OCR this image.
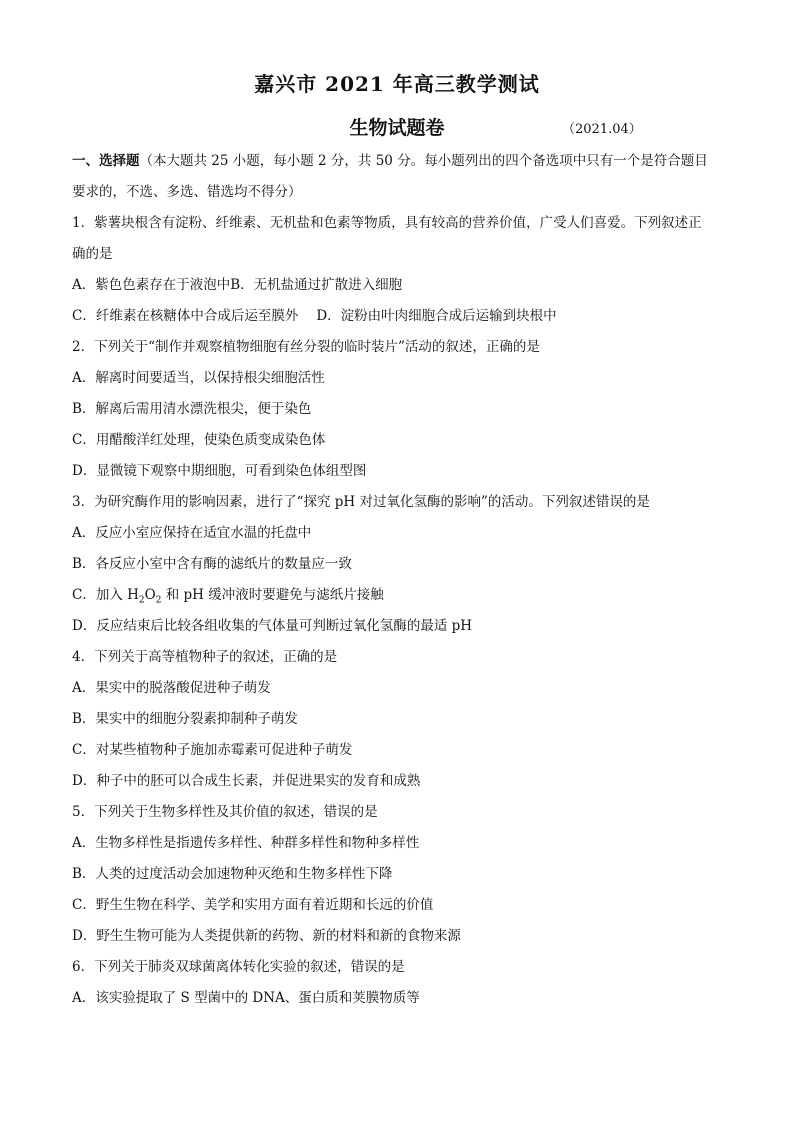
嘉兴市 2021 年高三教学测试
生物试题卷	（2021.04）
一、选择题（本大题共 25 小题，每小题 2 分，共 50 分。每小题列出的四个备选项中只有一个是符合题目
要求的，不选、多选、错选均不得分）
1．紫薯块根含有淀粉、纤维素、无机盐和色素等物质，具有较高的营养价值，广受人们喜爱。下列叙述正
确的是
A．紫色色素存在于液泡中B．无机盐通过扩散进入细胞
C．纤维素在核糖体中合成后运至膜外 D．淀粉由叶肉细胞合成后运输到块根中
2．下列关于“制作并观察植物细胞有丝分裂的临时装片”活动的叙述，正确的是
A．解离时间要适当，以保持根尖细胞活性
B．解离后需用清水漂洗根尖，便于染色
C．用醋酸洋红处理，使染色质变成染色体
D．显微镜下观察中期细胞，可看到染色体组型图
3．为研究酶作用的影响因素，进行了“探究 pH 对过氧化氢酶的影响”的活动。下列叙述错误的是
A．反应小室应保持在适宜水温的托盘中
B．各反应小室中含有酶的滤纸片的数量应一致
C．加入 $H_2O_2$ 和 pH 缓冲液时要避免与滤纸片接触
D．反应结束后比较各组收集的气体量可判断过氧化氢酶的最适 pH
4．下列关于高等植物种子的叙述，正确的是
A．果实中的脱落酸促进种子萌发
B．果实中的细胞分裂素抑制种子萌发
C．对某些植物种子施加赤霉素可促进种子萌发
D．种子中的胚可以合成生长素，并促进果实的发育和成熟
5．下列关于生物多样性及其价值的叙述，错误的是
A．生物多样性是指遗传多样性、种群多样性和物种多样性
B．人类的过度活动会加速物种灭绝和生物多样性下降
C．野生生物在科学、美学和实用方面有着近期和长远的价值
D．野生生物可能为人类提供新的药物、新的材料和新的食物来源
6．下列关于肺炎双球菌离体转化实验的叙述，错误的是
A．该实验提取了 S 型菌中的 DNA、蛋白质和荚膜物质等
